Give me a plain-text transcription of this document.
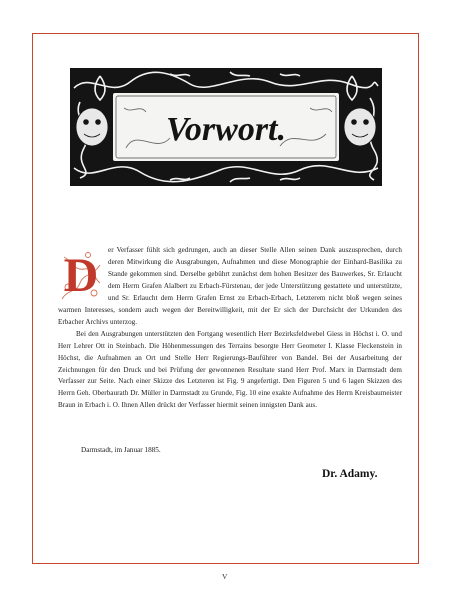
Vorwort.
D	er Verfasser fühlt sich gedrungen, auch an dieser Stelle Allen seinen Dank auszusprechen, durch deren Mitwirkung die Ausgrabungen, Aufnahmen und diese Monographie der Einhard-Basilika zu Stande gekommen sind. Derselbe gebührt zunächst dem hohen Besitzer des Bauwerkes, Sr. Erlaucht dem Herrn Grafen Alalbert zu Erbach-Fürstenau, der jede Unterstützung gestattete und unterstützte, und Sr. Erlaucht dem Herrn Grafen Ernst zu Erbach-Erbach, Letzterem nicht bloß wegen seines warmen Interesses, sondern auch wegen der Bereitwilligkeit, mit der Er sich der Durchsicht der Urkunden des Erbacher Archivs unterzog.

Bei den Ausgrabungen unterstützten den Fortgang wesentlich Herr Bezirksfeldwebel Giess in Höchst i. O. und Herr Lehrer Ott in Steinbach. Die Höhenmessungen des Terrains besorgte Herr Geometer I. Klasse Fleckenstein in Höchst, die Aufnahmen an Ort und Stelle Herr Regierungs-Bauführer von Bandel. Bei der Ausarbeitung der Zeichnungen für den Druck und bei Prüfung der gewonnenen Resultate stand Herr Prof. Marx in Darmstadt dem Verfasser zur Seite. Nach einer Skizze des Letzteren ist Fig. 9 angefertigt. Den Figuren 5 und 6 lagen Skizzen des Herrn Geh. Oberbaurath Dr. Müller in Darmstadt zu Grunde, Fig. 10 eine exakte Aufnahme des Herrn Kreisbaumeister Braun in Erbach i. O. Ihnen Allen drückt der Verfasser hiermit seinen innigsten Dank aus.

Darmstadt, im Januar 1885.
Dr. Adamy.
V
